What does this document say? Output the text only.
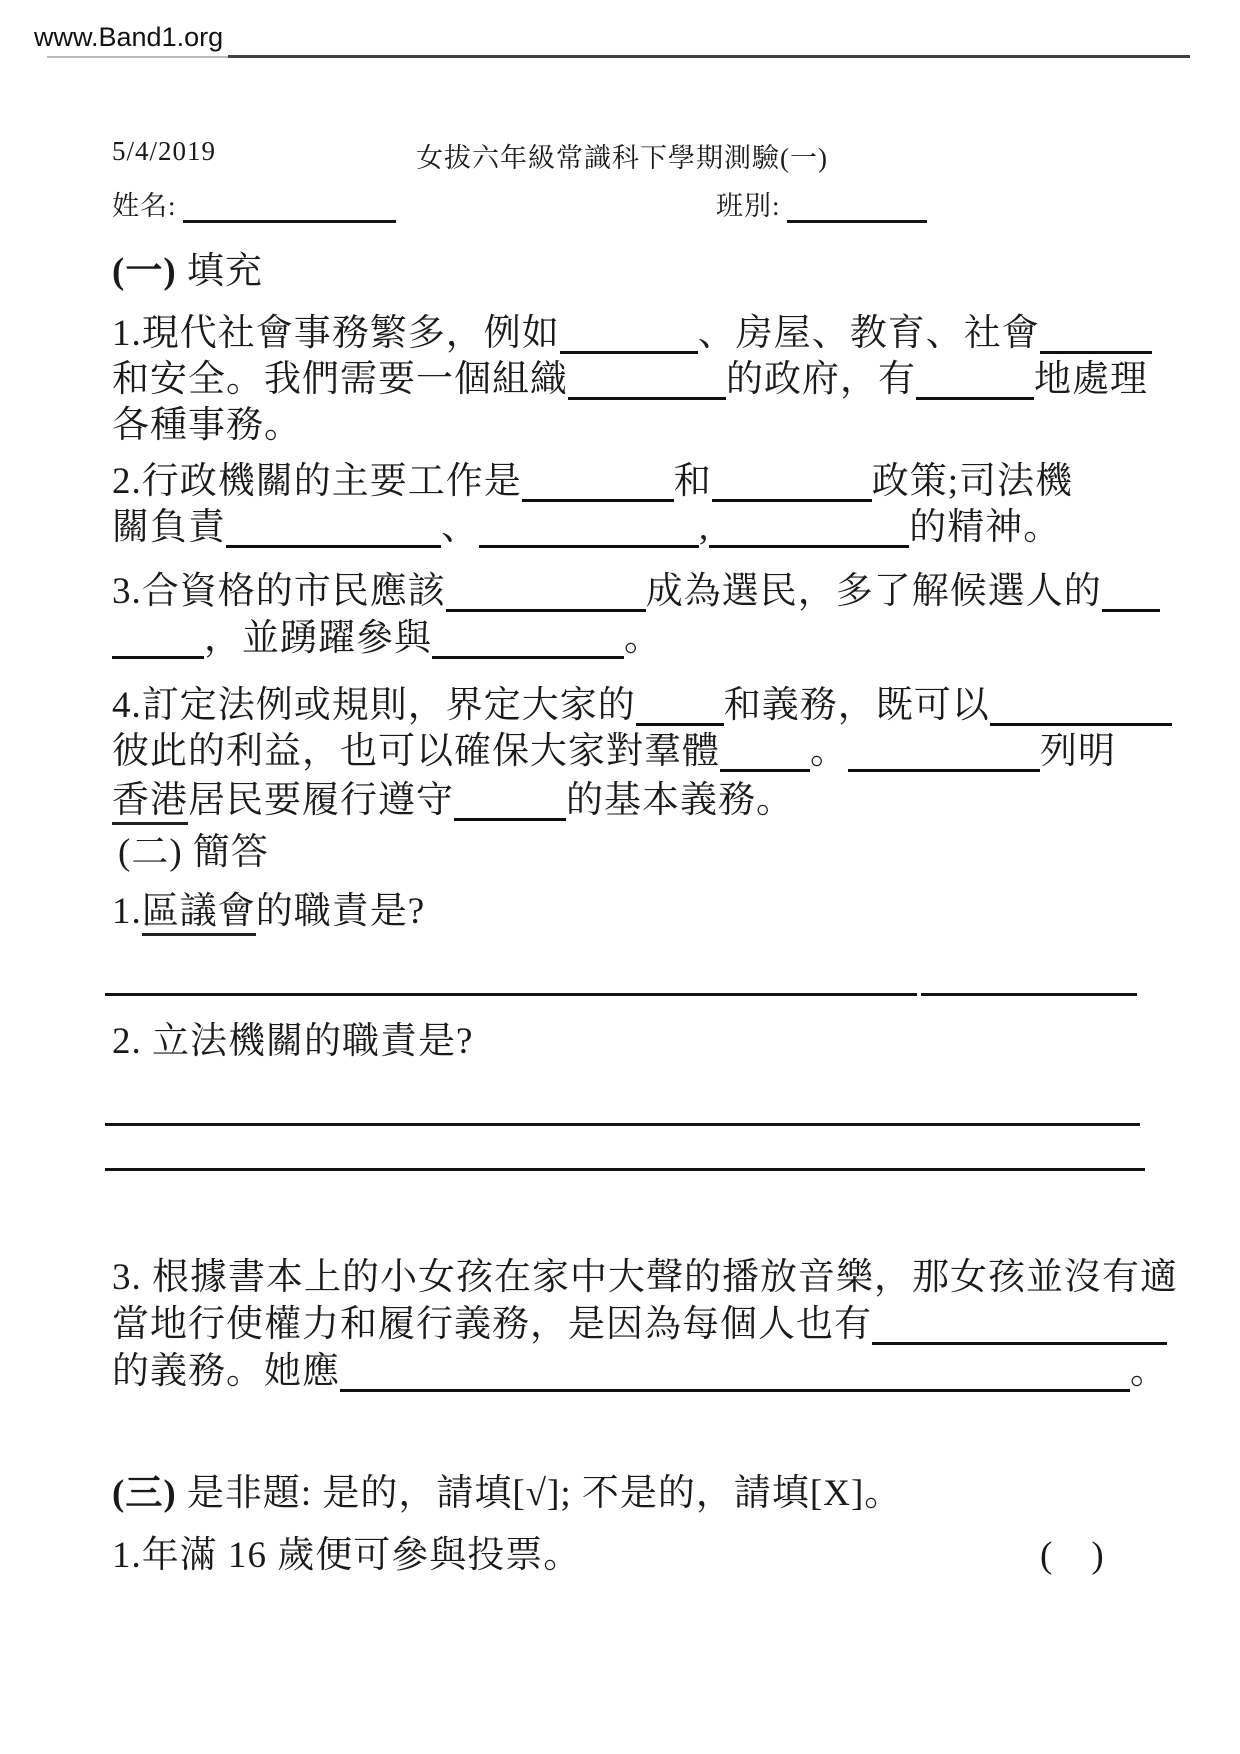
www.Band1.org
5/4/2019	女拔六年級常識科下學期測驗(一)
姓名:	班別:
(一) 填充
1.現代社會事務繁多，例如	、房屋、教育、社會
和安全。我們需要一個組織	的政府，有	地處理
各種事務。
2.行政機關的主要工作是	和	政策;司法機
關負責	、	,	的精神。
3.合資格的市民應該	成為選民，多了解候選人的
，並踴躍參與	。
4.訂定法例或規則，界定大家的 和義務，既可以
彼此的利益，也可以確保大家對羣體 。	列明
香港居民要履行遵守	的基本義務。
(二) 簡答
1.區議會的職責是?
2. 立法機關的職責是?
3. 根據書本上的小女孩在家中大聲的播放音樂，那女孩並沒有適
當地行使權力和履行義務，是因為每個人也有
的義務。她應	。
(三) 是非題: 是的，請填[√]; 不是的，請填[X]。
1.年滿 16 歲便可參與投票。	(　)
